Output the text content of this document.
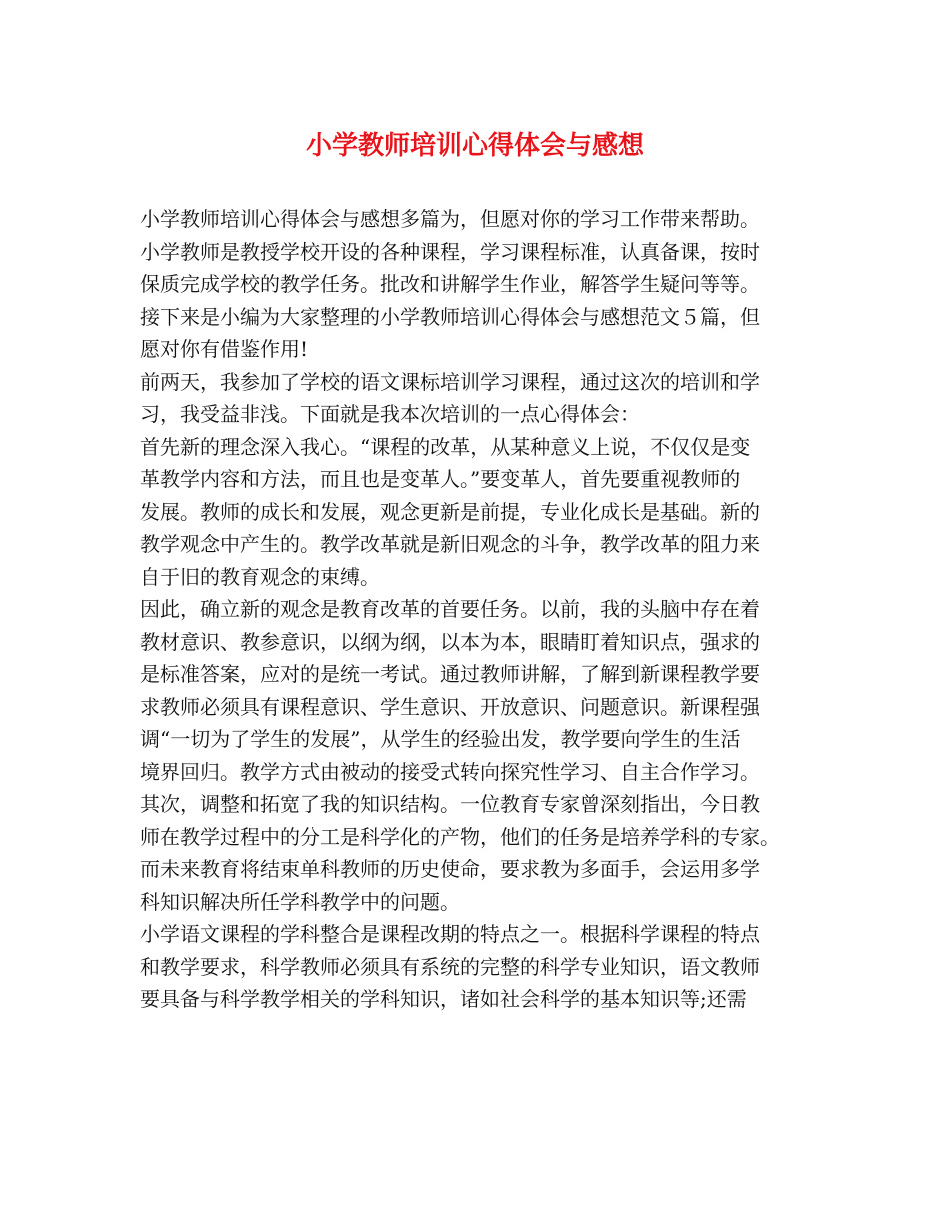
小学教师培训心得体会与感想
小学教师培训心得体会与感想多篇为，但愿对你的学习工作带来帮助。
小学教师是教授学校开设的各种课程，学习课程标准，认真备课，按时
保质完成学校的教学任务。批改和讲解学生作业，解答学生疑问等等。
接下来是小编为大家整理的小学教师培训心得体会与感想范文５篇，但
愿对你有借鉴作用!
前两天，我参加了学校的语文课标培训学习课程，通过这次的培训和学
习，我受益非浅。下面就是我本次培训的一点心得体会：
首先新的理念深入我心。“课程的改革，从某种意义上说，不仅仅是变
革教学内容和方法，而且也是变革人。”要变革人，首先要重视教师的
发展。教师的成长和发展，观念更新是前提，专业化成长是基础。新的
教学观念中产生的。教学改革就是新旧观念的斗争，教学改革的阻力来
自于旧的教育观念的束缚。
因此，确立新的观念是教育改革的首要任务。以前，我的头脑中存在着
教材意识、教参意识，以纲为纲，以本为本，眼睛盯着知识点，强求的
是标准答案，应对的是统一考试。通过教师讲解，了解到新课程教学要
求教师必须具有课程意识、学生意识、开放意识、问题意识。新课程强
调“一切为了学生的发展”，从学生的经验出发，教学要向学生的生活
境界回归。教学方式由被动的接受式转向探究性学习、自主合作学习。
其次，调整和拓宽了我的知识结构。一位教育专家曾深刻指出，今日教
师在教学过程中的分工是科学化的产物，他们的任务是培养学科的专家。
而未来教育将结束单科教师的历史使命，要求教为多面手，会运用多学
科知识解决所任学科教学中的问题。
小学语文课程的学科整合是课程改期的特点之一。根据科学课程的特点
和教学要求，科学教师必须具有系统的完整的科学专业知识，语文教师
要具备与科学教学相关的学科知识，诸如社会科学的基本知识等;还需
